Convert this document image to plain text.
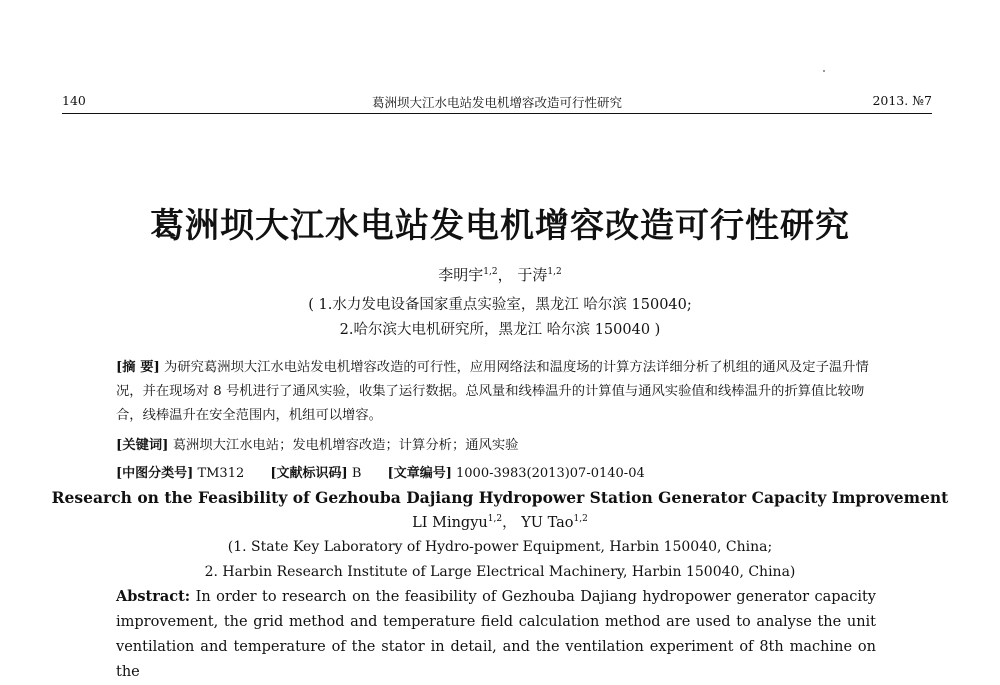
140	葛洲坝大江水电站发电机增容改造可行性研究	2013. №7
葛洲坝大江水电站发电机增容改造可行性研究
李明宇$^{1,2}$， 于涛$^{1,2}$
( 1.水力发电设备国家重点实验室，黑龙江 哈尔滨 150040;
2.哈尔滨大电机研究所，黑龙江 哈尔滨 150040 )
[摘 要] 为研究葛洲坝大江水电站发电机增容改造的可行性，应用网络法和温度场的计算方法详细分析了机组的通风及定子温升情况，并在现场对 8 号机进行了通风实验，收集了运行数据。总风量和线棒温升的计算值与通风实验值和线棒温升的折算值比较吻合，线棒温升在安全范围内，机组可以增容。
[关键词] 葛洲坝大江水电站；发电机增容改造；计算分析；通风实验
[中图分类号] TM312 [文献标识码] B [文章编号] 1000-3983(2013)07-0140-04
Research on the Feasibility of Gezhouba Dajiang Hydropower Station Generator Capacity Improvement
LI Mingyu$^{1,2}$， YU Tao$^{1,2}$
(1. State Key Laboratory of Hydro-power Equipment, Harbin 150040, China;
2. Harbin Research Institute of Large Electrical Machinery, Harbin 150040, China)
Abstract: In order to research on the feasibility of Gezhouba Dajiang hydropower generator capacity improvement, the grid method and temperature field calculation method are used to analyse the unit ventilation and temperature of the stator in detail, and the ventilation experiment of 8th machine on the
